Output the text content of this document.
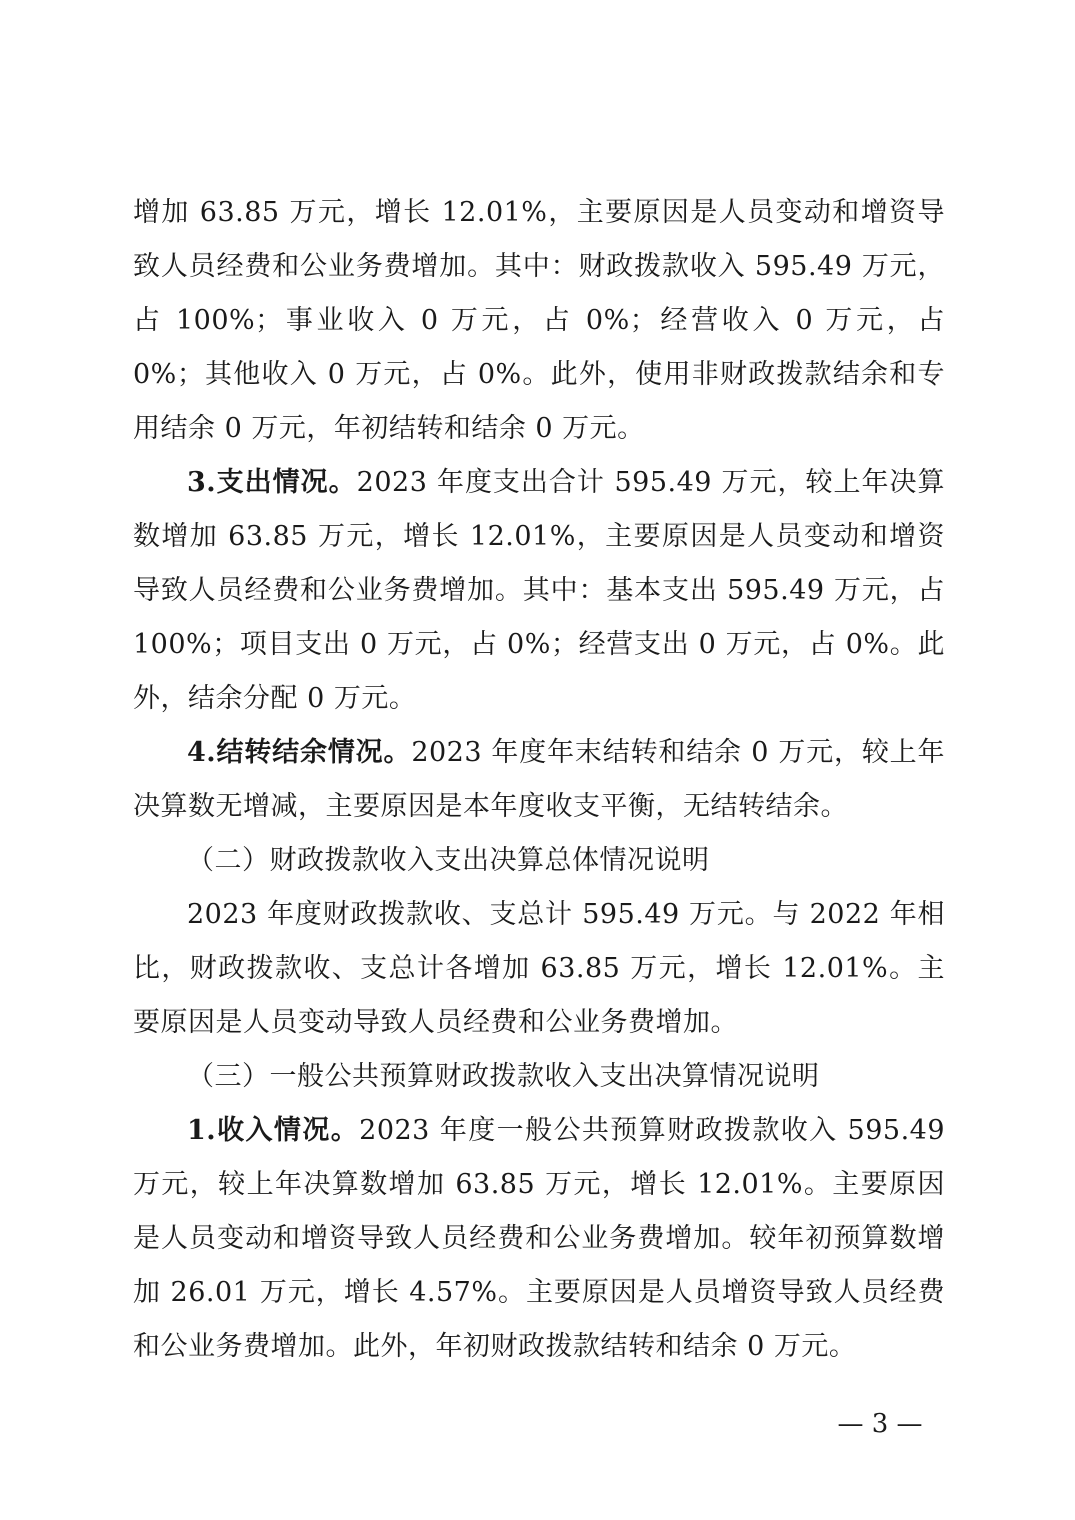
增加 63.85 万元，增长 12.01%，主要原因是人员变动和增资导致人员经费和公业务费增加。其中：财政拨款收入 595.49 万元，占 100%；事业收入 0 万元，占 0%；经营收入 0 万元，占 0%；其他收入 0 万元，占 0%。此外，使用非财政拨款结余和专用结余 0 万元，年初结转和结余 0 万元。

3.支出情况。2023 年度支出合计 595.49 万元，较上年决算数增加 63.85 万元，增长 12.01%，主要原因是人员变动和增资导致人员经费和公业务费增加。其中：基本支出 595.49 万元，占 100%；项目支出 0 万元，占 0%；经营支出 0 万元，占 0%。此外，结余分配 0 万元。

4.结转结余情况。2023 年度年末结转和结余 0 万元，较上年决算数无增减，主要原因是本年度收支平衡，无结转结余。

（二）财政拨款收入支出决算总体情况说明

2023 年度财政拨款收、支总计 595.49 万元。与 2022 年相比，财政拨款收、支总计各增加 63.85 万元，增长 12.01%。主要原因是人员变动导致人员经费和公业务费增加。

（三）一般公共预算财政拨款收入支出决算情况说明

1.收入情况。2023 年度一般公共预算财政拨款收入 595.49 万元，较上年决算数增加 63.85 万元，增长 12.01%。主要原因是人员变动和增资导致人员经费和公业务费增加。较年初预算数增加 26.01 万元，增长 4.57%。主要原因是人员增资导致人员经费和公业务费增加。此外，年初财政拨款结转和结余 0 万元。

— 3 —
